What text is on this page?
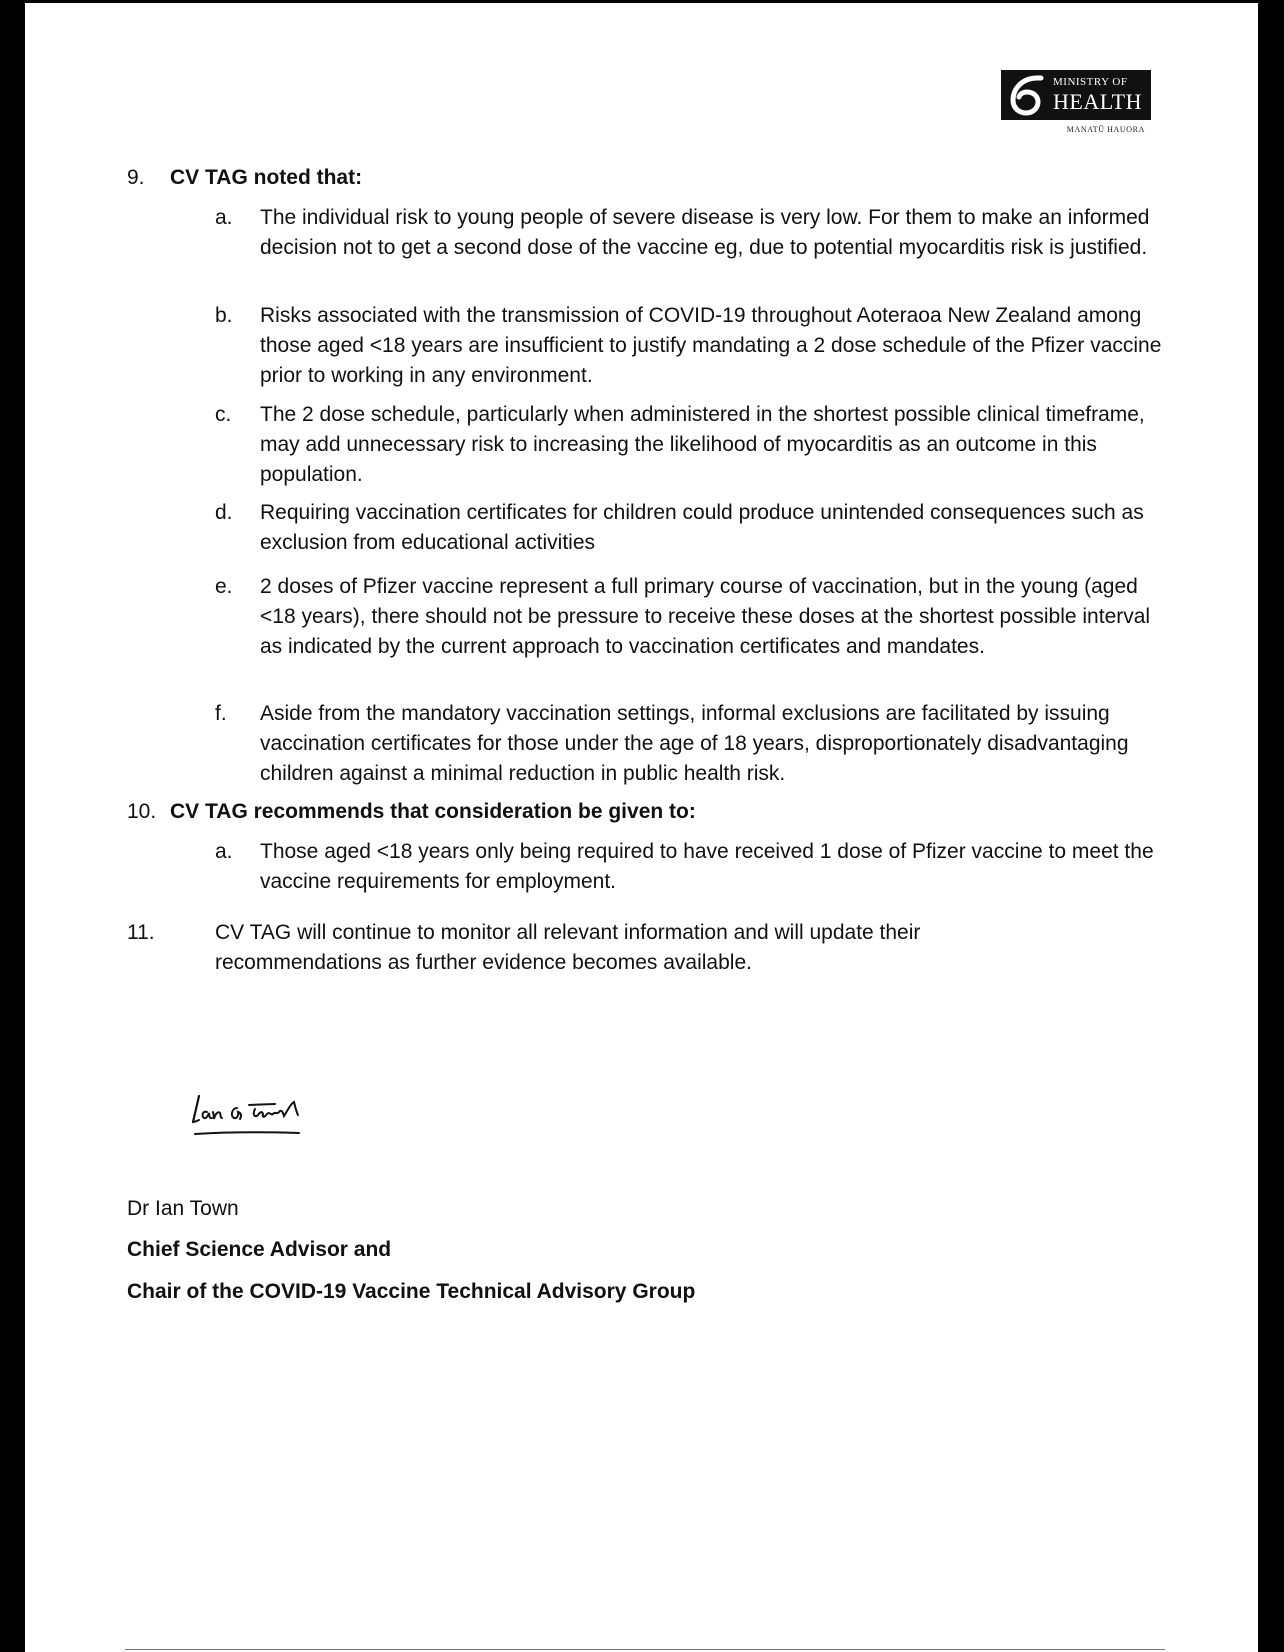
MINISTRY OF
HEALTH
MANATŪ HAUORA
9. CV TAG noted that:
a.	The individual risk to young people of severe disease is very low. For them to make an informed decision not to get a second dose of the vaccine eg, due to potential myocarditis risk is justified.
b.	Risks associated with the transmission of COVID-19 throughout Aoteraoa New Zealand among those aged <18 years are insufficient to justify mandating a 2 dose schedule of the Pfizer vaccine prior to working in any environment.
c.	The 2 dose schedule, particularly when administered in the shortest possible clinical timeframe, may add unnecessary risk to increasing the likelihood of myocarditis as an outcome in this population.
d.	Requiring vaccination certificates for children could produce unintended consequences such as exclusion from educational activities
e.	2 doses of Pfizer vaccine represent a full primary course of vaccination, but in the young (aged <18 years), there should not be pressure to receive these doses at the shortest possible interval as indicated by the current approach to vaccination certificates and mandates.
f.	Aside from the mandatory vaccination settings, informal exclusions are facilitated by issuing vaccination certificates for those under the age of 18 years, disproportionately disadvantaging children against a minimal reduction in public health risk.
10. CV TAG recommends that consideration be given to:
a.	Those aged <18 years only being required to have received 1 dose of Pfizer vaccine to meet the vaccine requirements for employment.
11.	CV TAG will continue to monitor all relevant information and will update their recommendations as further evidence becomes available.
Dr Ian Town
Chief Science Advisor and
Chair of the COVID-19 Vaccine Technical Advisory Group
